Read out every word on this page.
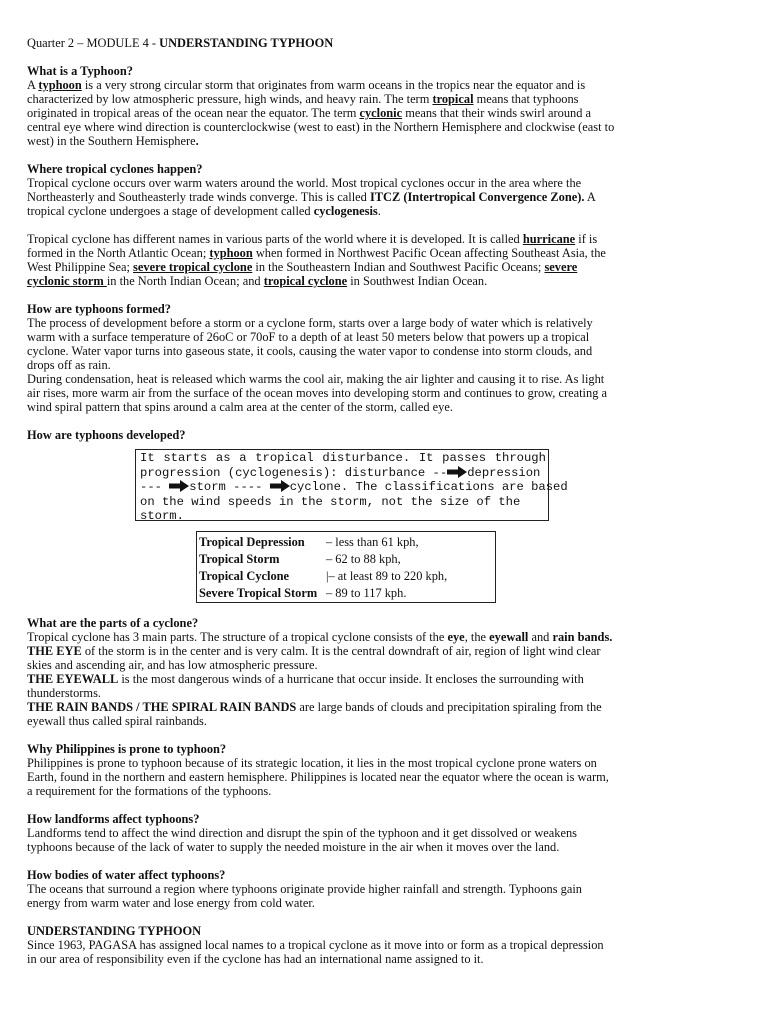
Quarter 2 – MODULE 4 - UNDERSTANDING TYPHOON
What is a Typhoon?
A typhoon is a very strong circular storm that originates from warm oceans in the tropics near the equator and is
characterized by low atmospheric pressure, high winds, and heavy rain. The term tropical means that typhoons
originated in tropical areas of the ocean near the equator. The term cyclonic means that their winds swirl around a
central eye where wind direction is counterclockwise (west to east) in the Northern Hemisphere and clockwise (east to
west) in the Southern Hemisphere.
Where tropical cyclones happen?
Tropical cyclone occurs over warm waters around the world. Most tropical cyclones occur in the area where the
Northeasterly and Southeasterly trade winds converge. This is called ITCZ (Intertropical Convergence Zone). A
tropical cyclone undergoes a stage of development called cyclogenesis.
Tropical cyclone has different names in various parts of the world where it is developed. It is called hurricane if is
formed in the North Atlantic Ocean; typhoon when formed in Northwest Pacific Ocean affecting Southeast Asia, the
West Philippine Sea; severe tropical cyclone in the Southeastern Indian and Southwest Pacific Oceans; severe
cyclonic storm in the North Indian Ocean; and tropical cyclone in Southwest Indian Ocean.
How are typhoons formed?
The process of development before a storm or a cyclone form, starts over a large body of water which is relatively
warm with a surface temperature of 26oC or 70oF to a depth of at least 50 meters below that powers up a tropical
cyclone. Water vapor turns into gaseous state, it cools, causing the water vapor to condense into storm clouds, and
drops off as rain.
During condensation, heat is released which warms the cool air, making the air lighter and causing it to rise. As light
air rises, more warm air from the surface of the ocean moves into developing storm and continues to grow, creating a
wind spiral pattern that spins around a calm area at the center of the storm, called eye.
How are typhoons developed?
It starts as a tropical disturbance. It passes through
progression (cyclogenesis): disturbance -- depression
--- storm ---- cyclone. The classifications are based
on the wind speeds in the storm, not the size of the
storm.
Tropical Depression	– less than 61 kph,
Tropical Storm	– 62 to 88 kph,
Tropical Cyclone	|– at least 89 to 220 kph,
Severe Tropical Storm – 89 to 117 kph.
What are the parts of a cyclone?
Tropical cyclone has 3 main parts. The structure of a tropical cyclone consists of the eye, the eyewall and rain bands.
THE EYE of the storm is in the center and is very calm. It is the central downdraft of air, region of light wind clear
skies and ascending air, and has low atmospheric pressure.
THE EYEWALL is the most dangerous winds of a hurricane that occur inside. It encloses the surrounding with
thunderstorms.
THE RAIN BANDS / THE SPIRAL RAIN BANDS are large bands of clouds and precipitation spiraling from the
eyewall thus called spiral rainbands.
Why Philippines is prone to typhoon?
Philippines is prone to typhoon because of its strategic location, it lies in the most tropical cyclone prone waters on
Earth, found in the northern and eastern hemisphere. Philippines is located near the equator where the ocean is warm,
a requirement for the formations of the typhoons.
How landforms affect typhoons?
Landforms tend to affect the wind direction and disrupt the spin of the typhoon and it get dissolved or weakens
typhoons because of the lack of water to supply the needed moisture in the air when it moves over the land.
How bodies of water affect typhoons?
The oceans that surround a region where typhoons originate provide higher rainfall and strength. Typhoons gain
energy from warm water and lose energy from cold water.
UNDERSTANDING TYPHOON
Since 1963, PAGASA has assigned local names to a tropical cyclone as it move into or form as a tropical depression
in our area of responsibility even if the cyclone has had an international name assigned to it.
